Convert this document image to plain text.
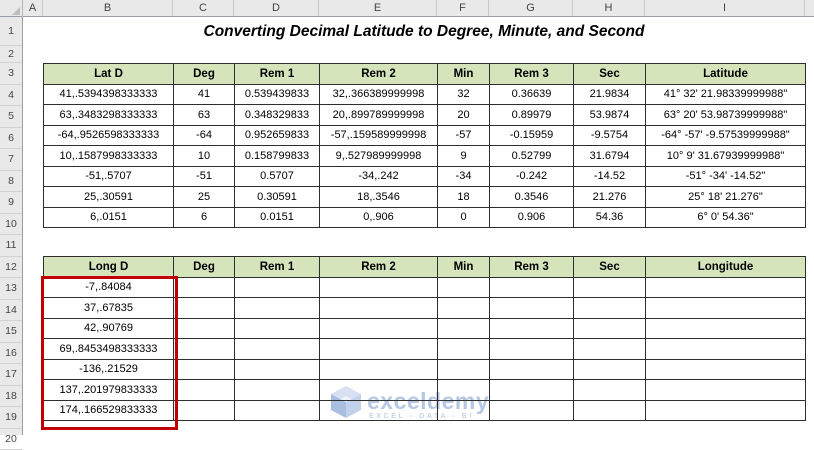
exceldemy
EXCEL - DATA - BI
Converting Decimal Latitude to Degree, Minute, and Second
Lat D	Deg	Rem 1	Rem 2	Min	Rem 3	Sec	Latitude
41,.5394398333333	41	0.539439833	32,.366389999998	32	0.36639	21.9834	41° 32' 21.98339999988"
63,.3483298333333	63	0.348329833	20,.899789999998	20	0.89979	53.9874	63° 20' 53.98739999988"
-64,.9526598333333	-64	0.952659833	-57,.159589999998	-57	-0.15959	-9.5754	-64° -57' -9.57539999988"
10,.1587998333333	10	0.158799833	9,.527989999998	9	0.52799	31.6794	10° 9' 31.67939999988"
-51,.5707	-51	0.5707	-34,.242	-34	-0.242	-14.52	-51° -34' -14.52"
25,.30591	25	0.30591	18,.3546	18	0.3546	21.276	25° 18' 21.276"
6,.0151	6	0.0151	0,.906	0	0.906	54.36	6° 0' 54.36"
Long D	Deg	Rem 1	Rem 2	Min	Rem 3	Sec	Longitude
-7,.84084							
37,.67835							
42,.90769							
69,.8453498333333							
-136,.21529							
137,.201979833333							
174,.166529833333							
A	B	C	D	E	F	G	H	I
1
2
3
4
5
6
7
8
9
10
11
12
13
14
15
16
17
18
19
20
